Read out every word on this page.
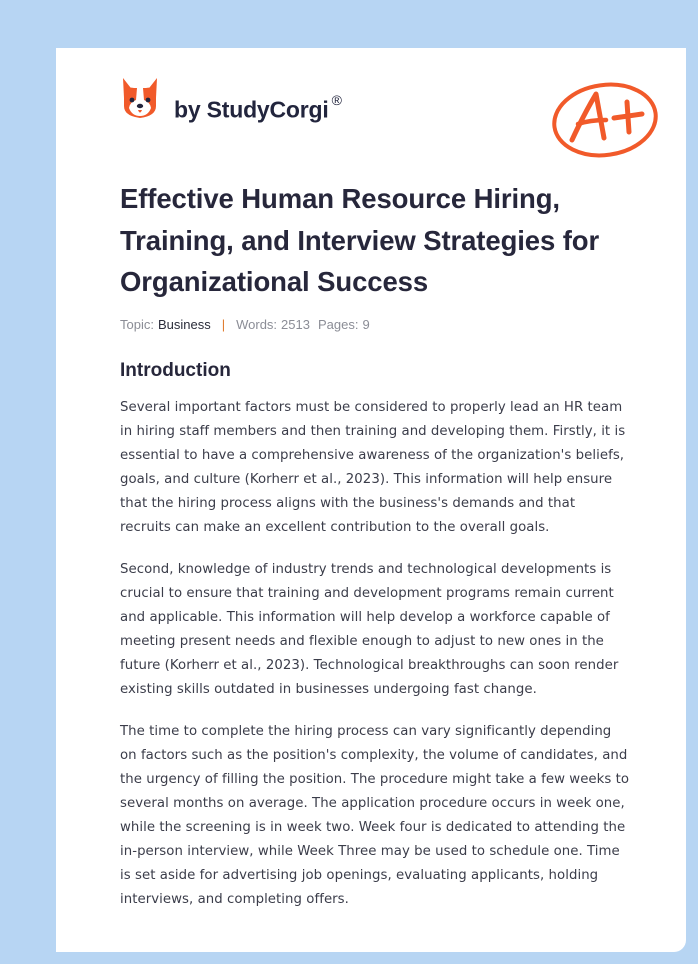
by StudyCorgi ®
Effective Human Resource Hiring, Training, and Interview Strategies for Organizational Success
Topic: Business | Words: 2513 Pages: 9
Introduction

Several important factors must be considered to properly lead an HR team in hiring staff members and then training and developing them. Firstly, it is essential to have a comprehensive awareness of the organization's beliefs, goals, and culture (Korherr et al., 2023). This information will help ensure that the hiring process aligns with the business's demands and that recruits can make an excellent contribution to the overall goals.

Second, knowledge of industry trends and technological developments is crucial to ensure that training and development programs remain current and applicable. This information will help develop a workforce capable of meeting present needs and flexible enough to adjust to new ones in the future (Korherr et al., 2023). Technological breakthroughs can soon render existing skills outdated in businesses undergoing fast change.

The time to complete the hiring process can vary significantly depending on factors such as the position's complexity, the volume of candidates, and the urgency of filling the position. The procedure might take a few weeks to several months on average. The application procedure occurs in week one, while the screening is in week two. Week four is dedicated to attending the in-person interview, while Week Three may be used to schedule one. Time is set aside for advertising job openings, evaluating applicants, holding interviews, and completing offers.
